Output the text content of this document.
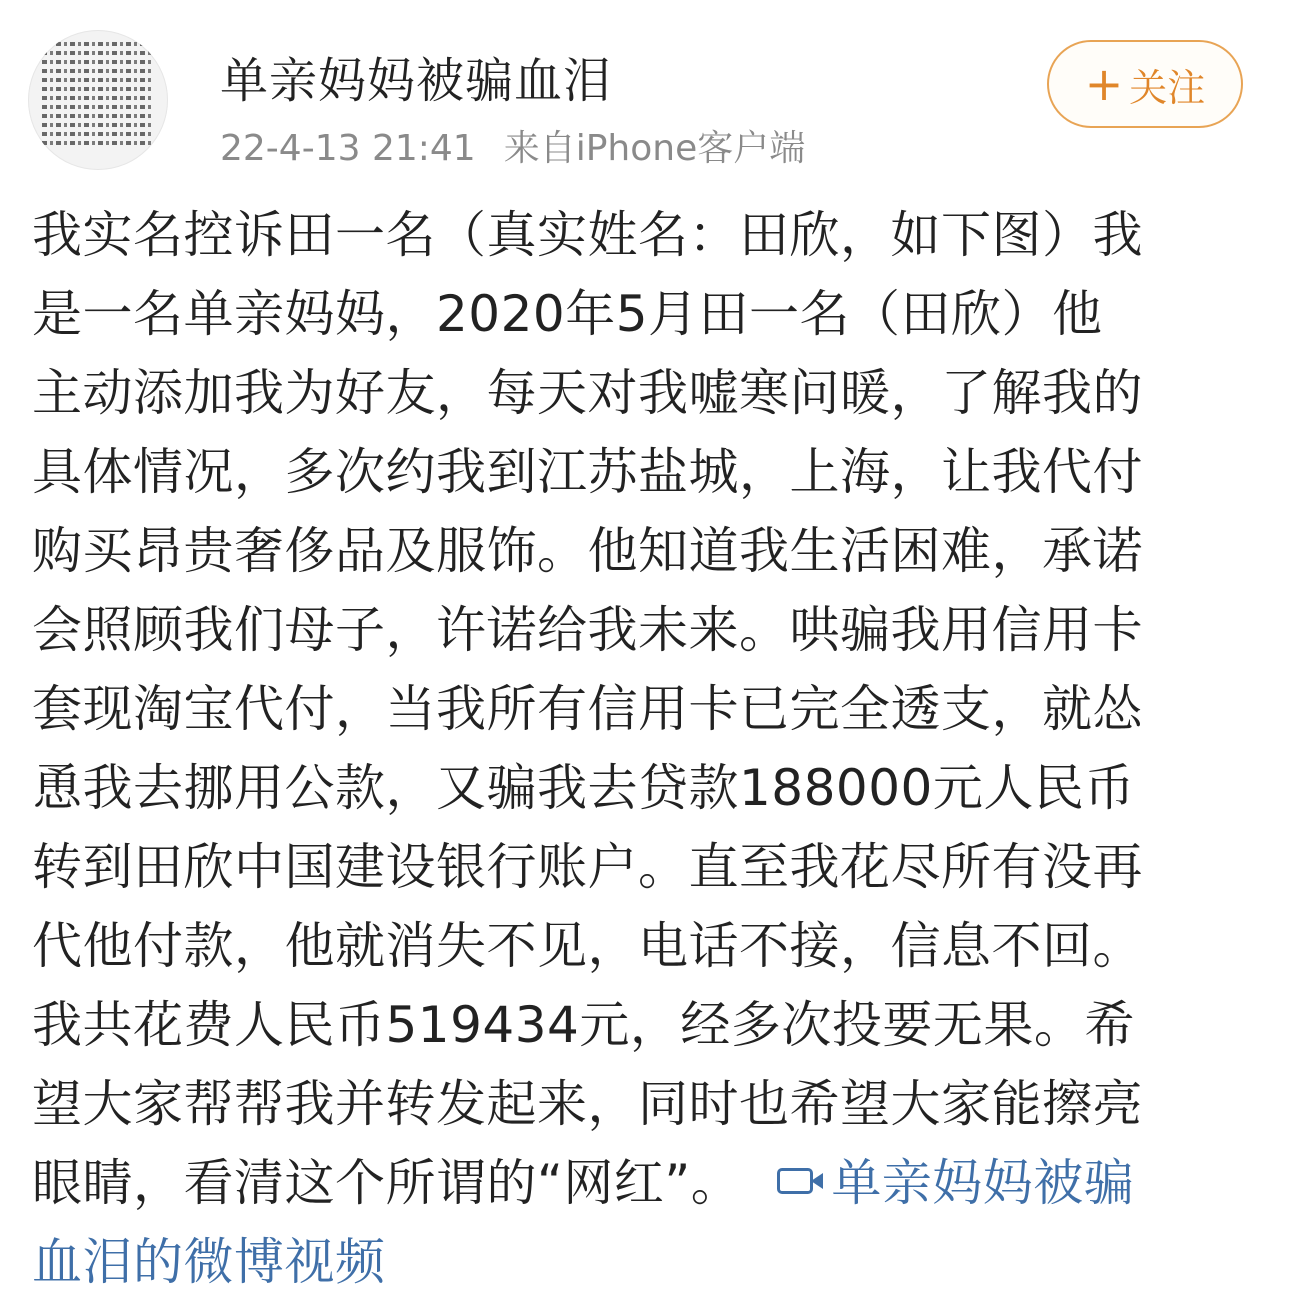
单亲妈妈被骗血泪
22-4-13 21:41 来自iPhone客户端
+ 关注
我实名控诉田一名（真实姓名：田欣，如下图）我
是一名单亲妈妈，2020年5月田一名（田欣）他
主动添加我为好友，每天对我嘘寒问暖，了解我的
具体情况，多次约我到江苏盐城，上海，让我代付
购买昂贵奢侈品及服饰。他知道我生活困难，承诺
会照顾我们母子，许诺给我未来。哄骗我用信用卡
套现淘宝代付，当我所有信用卡已完全透支，就怂
恿我去挪用公款，又骗我去贷款188000元人民币
转到田欣中国建设银行账户。直至我花尽所有没再
代他付款，他就消失不见，电话不接，信息不回。
我共花费人民币519434元，经多次投要无果。希
望大家帮帮我并转发起来，同时也希望大家能擦亮
眼睛，看清这个所谓的“网红”。 单亲妈妈被骗
血泪的微博视频
